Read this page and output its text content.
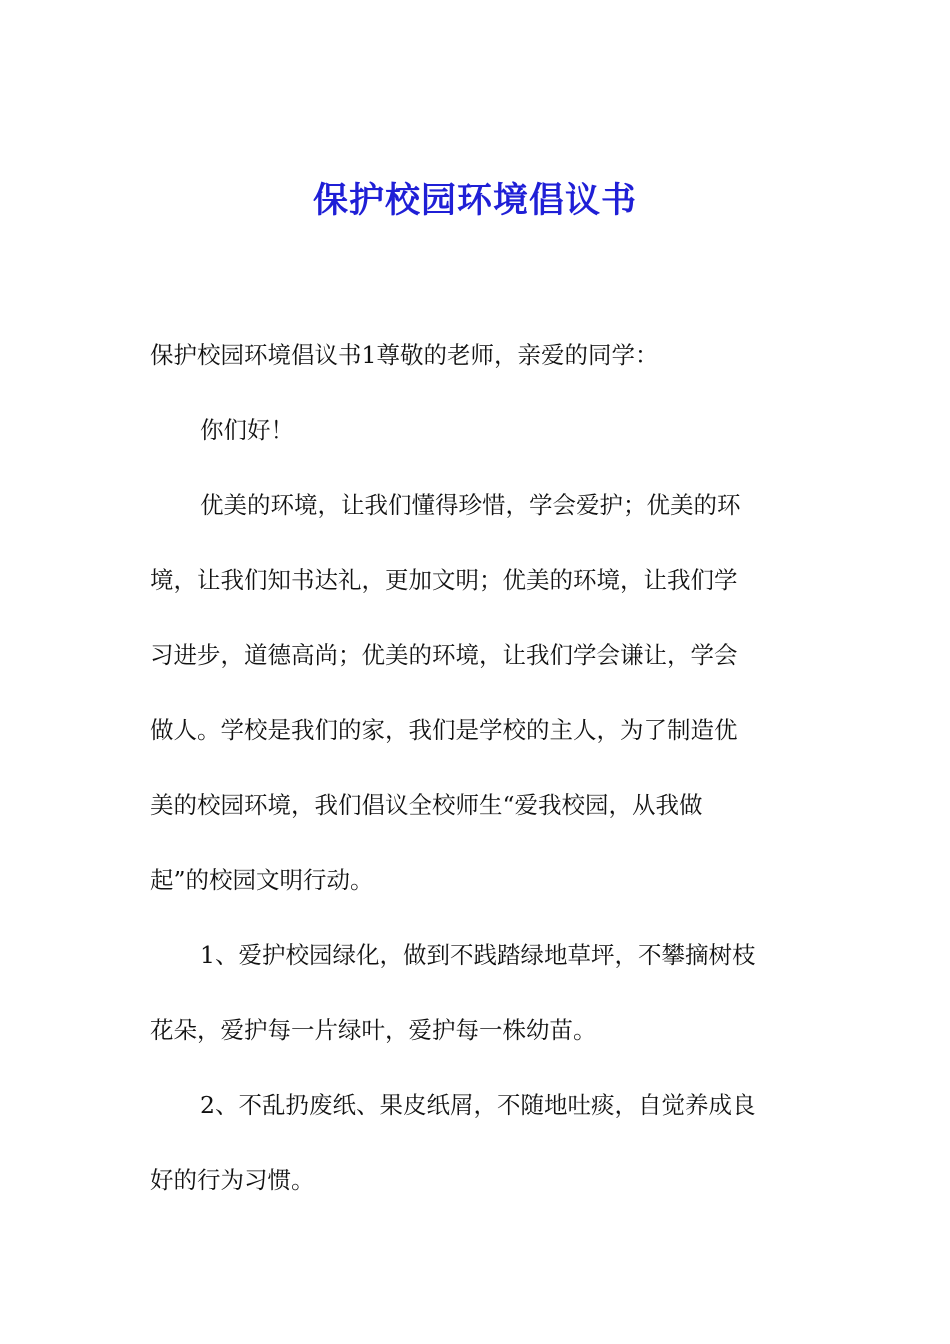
保护校园环境倡议书

保护校园环境倡议书1尊敬的老师，亲爱的同学：

你们好！

优美的环境，让我们懂得珍惜，学会爱护；优美的环

境，让我们知书达礼，更加文明；优美的环境，让我们学

习进步，道德高尚；优美的环境，让我们学会谦让，学会

做人。学校是我们的家，我们是学校的主人，为了制造优

美的校园环境，我们倡议全校师生“爱我校园，从我做

起”的校园文明行动。

1、爱护校园绿化，做到不践踏绿地草坪，不攀摘树枝

花朵，爱护每一片绿叶，爱护每一株幼苗。

2、不乱扔废纸、果皮纸屑，不随地吐痰，自觉养成良

好的行为习惯。
